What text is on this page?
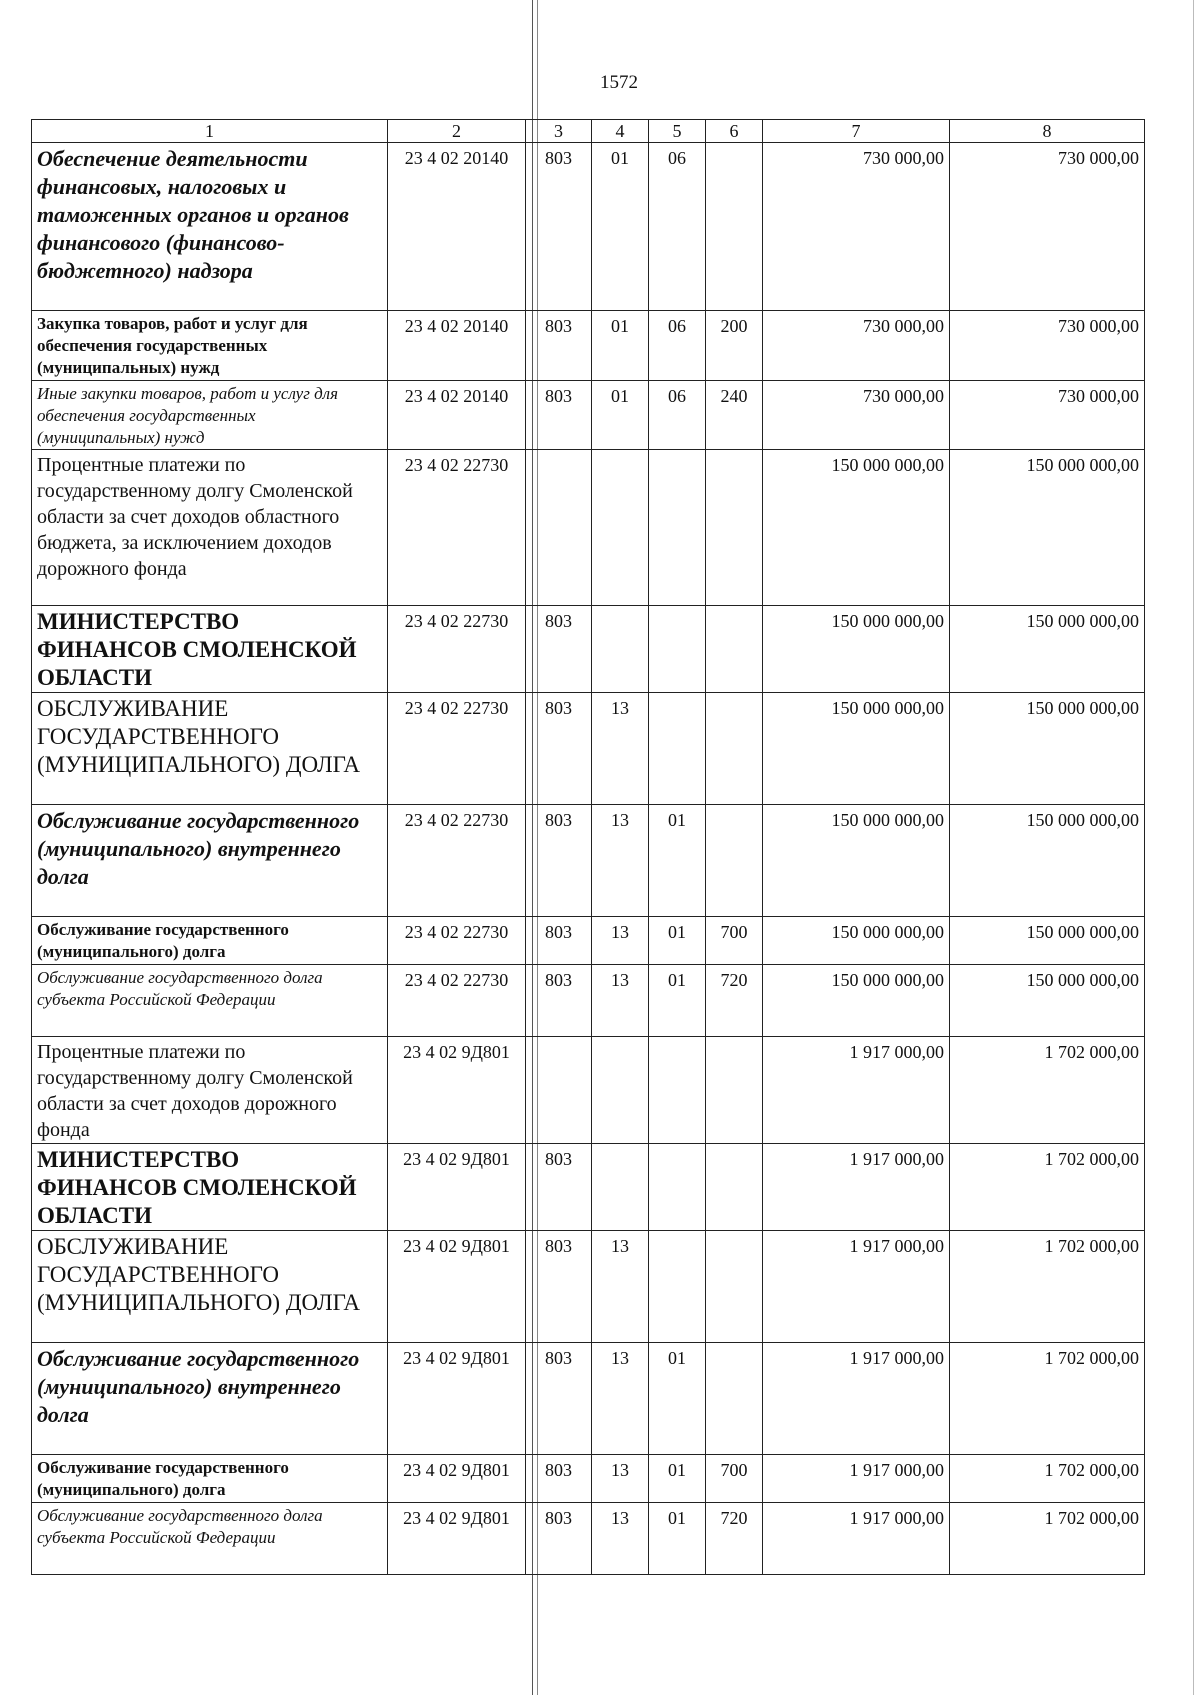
1572
1	2	3	4	5	6	7	8
Обеспечение деятельности финансовых, налоговых и таможенных органов и органов финансового (финансово-бюджетного) надзора	23 4 02 20140	803	01	06		730 000,00	730 000,00
Закупка товаров, работ и услуг для обеспечения государственных (муниципальных) нужд	23 4 02 20140	803	01	06	200	730 000,00	730 000,00
Иные закупки товаров, работ и услуг для обеспечения государственных (муниципальных) нужд	23 4 02 20140	803	01	06	240	730 000,00	730 000,00
Процентные платежи по государственному долгу Смоленской области за счет доходов областного бюджета, за исключением доходов дорожного фонда	23 4 02 22730					150 000 000,00	150 000 000,00
МИНИСТЕРСТВО ФИНАНСОВ СМОЛЕНСКОЙ ОБЛАСТИ	23 4 02 22730	803				150 000 000,00	150 000 000,00
ОБСЛУЖИВАНИЕ ГОСУДАРСТВЕННОГО (МУНИЦИПАЛЬНОГО) ДОЛГА	23 4 02 22730	803	13			150 000 000,00	150 000 000,00
Обслуживание государственного (муниципального) внутреннего долга	23 4 02 22730	803	13	01		150 000 000,00	150 000 000,00
Обслуживание государственного (муниципального) долга	23 4 02 22730	803	13	01	700	150 000 000,00	150 000 000,00
Обслуживание государственного долга субъекта Российской Федерации	23 4 02 22730	803	13	01	720	150 000 000,00	150 000 000,00
Процентные платежи по государственному долгу Смоленской области за счет доходов дорожного фонда	23 4 02 9Д801					1 917 000,00	1 702 000,00
МИНИСТЕРСТВО ФИНАНСОВ СМОЛЕНСКОЙ ОБЛАСТИ	23 4 02 9Д801	803				1 917 000,00	1 702 000,00
ОБСЛУЖИВАНИЕ ГОСУДАРСТВЕННОГО (МУНИЦИПАЛЬНОГО) ДОЛГА	23 4 02 9Д801	803	13			1 917 000,00	1 702 000,00
Обслуживание государственного (муниципального) внутреннего долга	23 4 02 9Д801	803	13	01		1 917 000,00	1 702 000,00
Обслуживание государственного (муниципального) долга	23 4 02 9Д801	803	13	01	700	1 917 000,00	1 702 000,00
Обслуживание государственного долга субъекта Российской Федерации	23 4 02 9Д801	803	13	01	720	1 917 000,00	1 702 000,00
